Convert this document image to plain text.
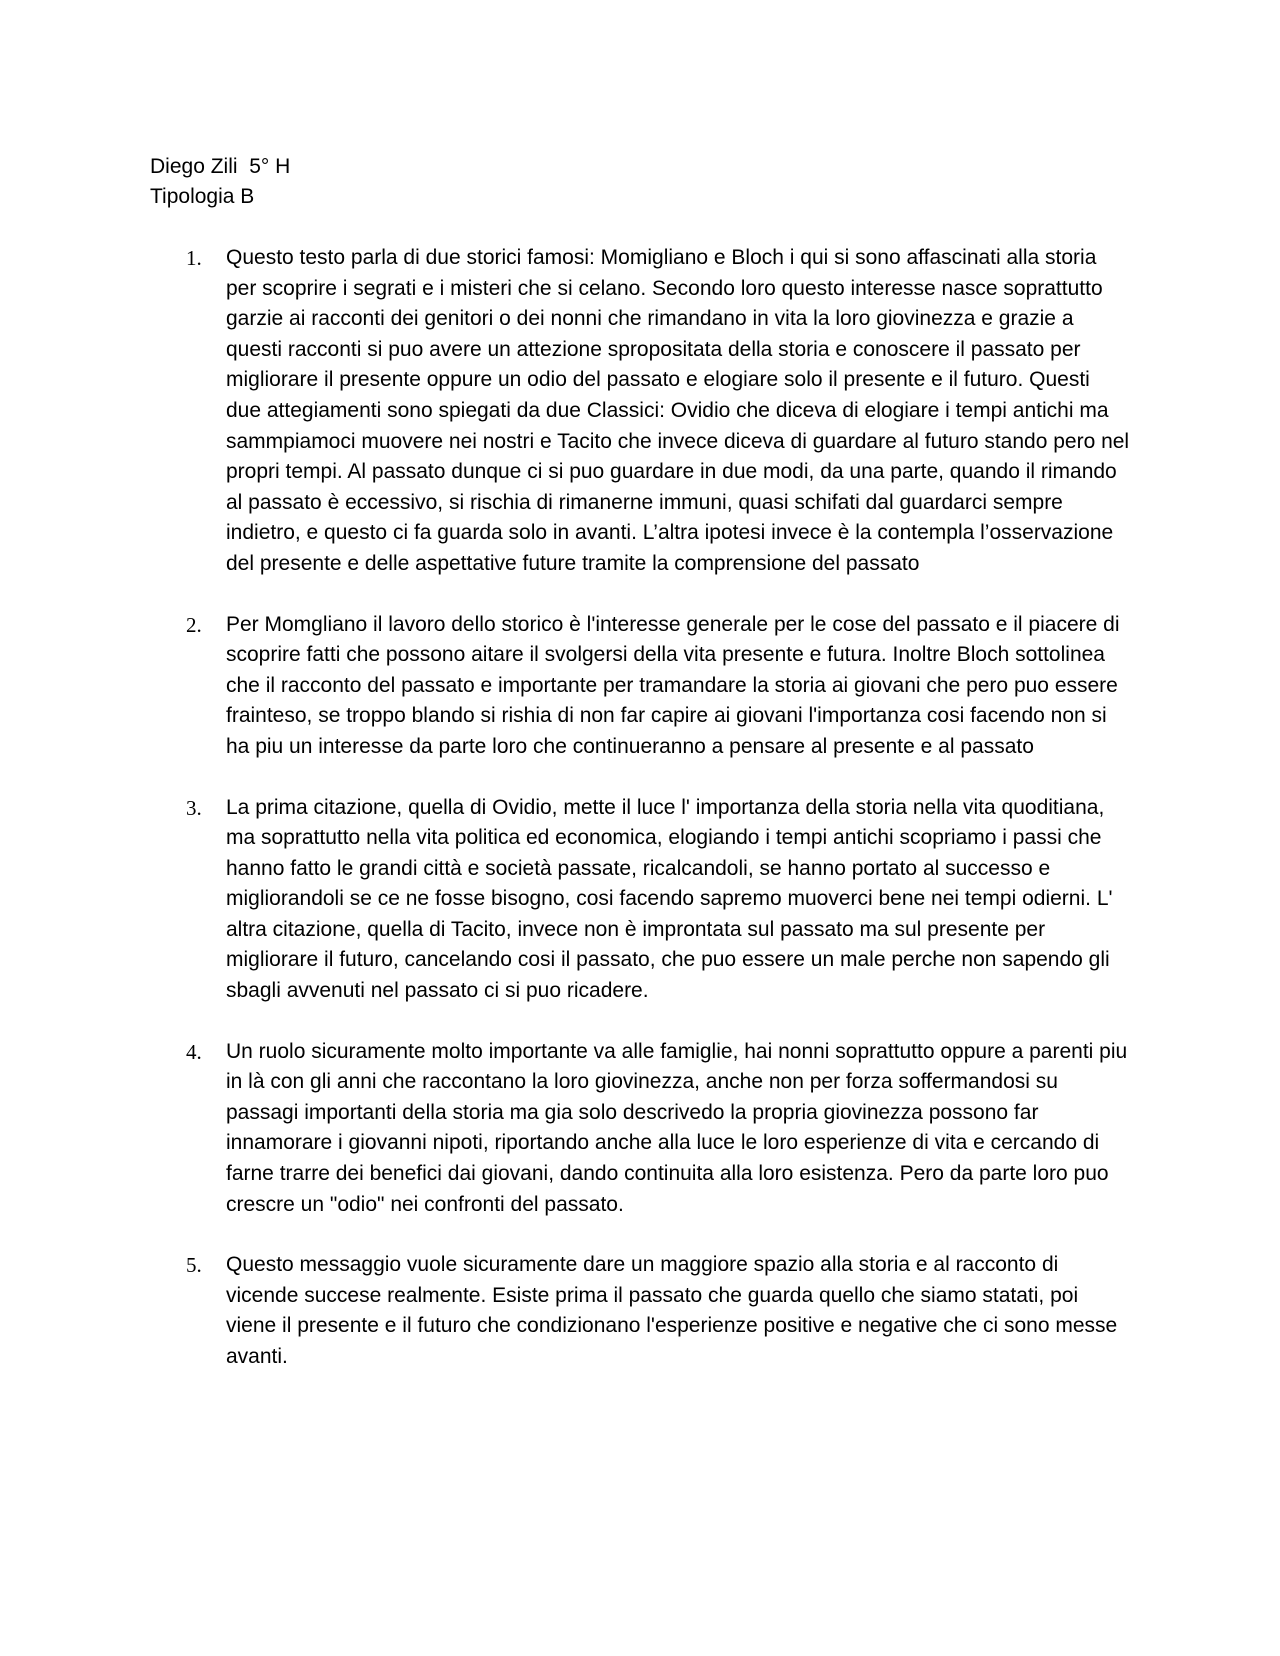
Diego Zili  5° H
Tipologia B
1. Questo testo parla di due storici famosi: Momigliano e Bloch i qui si sono affascinati alla storia per scoprire i segrati e i misteri che si celano. Secondo loro questo interesse nasce soprattutto garzie ai racconti dei genitori o dei nonni che rimandano in vita la loro giovinezza e grazie a questi racconti si puo avere un attezione spropositata della storia e conoscere il passato per migliorare il presente oppure un odio del passato e elogiare solo il presente e il futuro. Questi due attegiamenti sono spiegati da due Classici: Ovidio che diceva di elogiare i tempi antichi ma sammpiamoci muovere nei nostri e Tacito che invece diceva di guardare al futuro stando pero nel propri tempi. Al passato dunque ci si puo guardare in due modi, da una parte, quando il rimando al passato è eccessivo, si rischia di rimanerne immuni, quasi schifati dal guardarci sempre indietro, e questo ci fa guarda solo in avanti. L’altra ipotesi invece è la contempla l’osservazione del presente e delle aspettative future tramite la comprensione del passato
2. Per Momgliano il lavoro dello storico è l'interesse generale per le cose del passato e il piacere di scoprire fatti che possono aitare il svolgersi della vita presente e futura. Inoltre Bloch sottolinea che il racconto del passato e importante per tramandare la storia ai giovani che pero puo essere frainteso, se troppo blando si rishia di non far capire ai giovani l'importanza cosi facendo non si ha piu un interesse da parte loro che continueranno a pensare al presente e al passato
3. La prima citazione, quella di Ovidio, mette il luce l' importanza della storia nella vita quoditiana, ma soprattutto nella vita politica ed economica, elogiando i tempi antichi scopriamo i passi che hanno fatto le grandi città e società passate, ricalcandoli, se hanno portato al successo e migliorandoli se ce ne fosse bisogno, cosi facendo sapremo muoverci bene nei tempi odierni. L' altra citazione, quella di Tacito, invece non è improntata sul passato ma sul presente per migliorare il futuro, cancelando cosi il passato, che puo essere un male perche non sapendo gli sbagli avvenuti nel passato ci si puo ricadere.
4. Un ruolo sicuramente molto importante va alle famiglie, hai nonni soprattutto oppure a parenti piu in là con gli anni che raccontano la loro giovinezza, anche non per forza soffermandosi su passagi importanti della storia ma gia solo descrivedo la propria giovinezza possono far innamorare i giovanni nipoti, riportando anche alla luce le loro esperienze di vita e cercando di farne trarre dei benefici dai giovani, dando continuita alla loro esistenza. Pero da parte loro puo crescre un "odio" nei confronti del passato.
5. Questo messaggio vuole sicuramente dare un maggiore spazio alla storia e al racconto di vicende succese realmente. Esiste prima il passato che guarda quello che siamo statati, poi viene il presente e il futuro che condizionano l'esperienze positive e negative che ci sono messe avanti.
